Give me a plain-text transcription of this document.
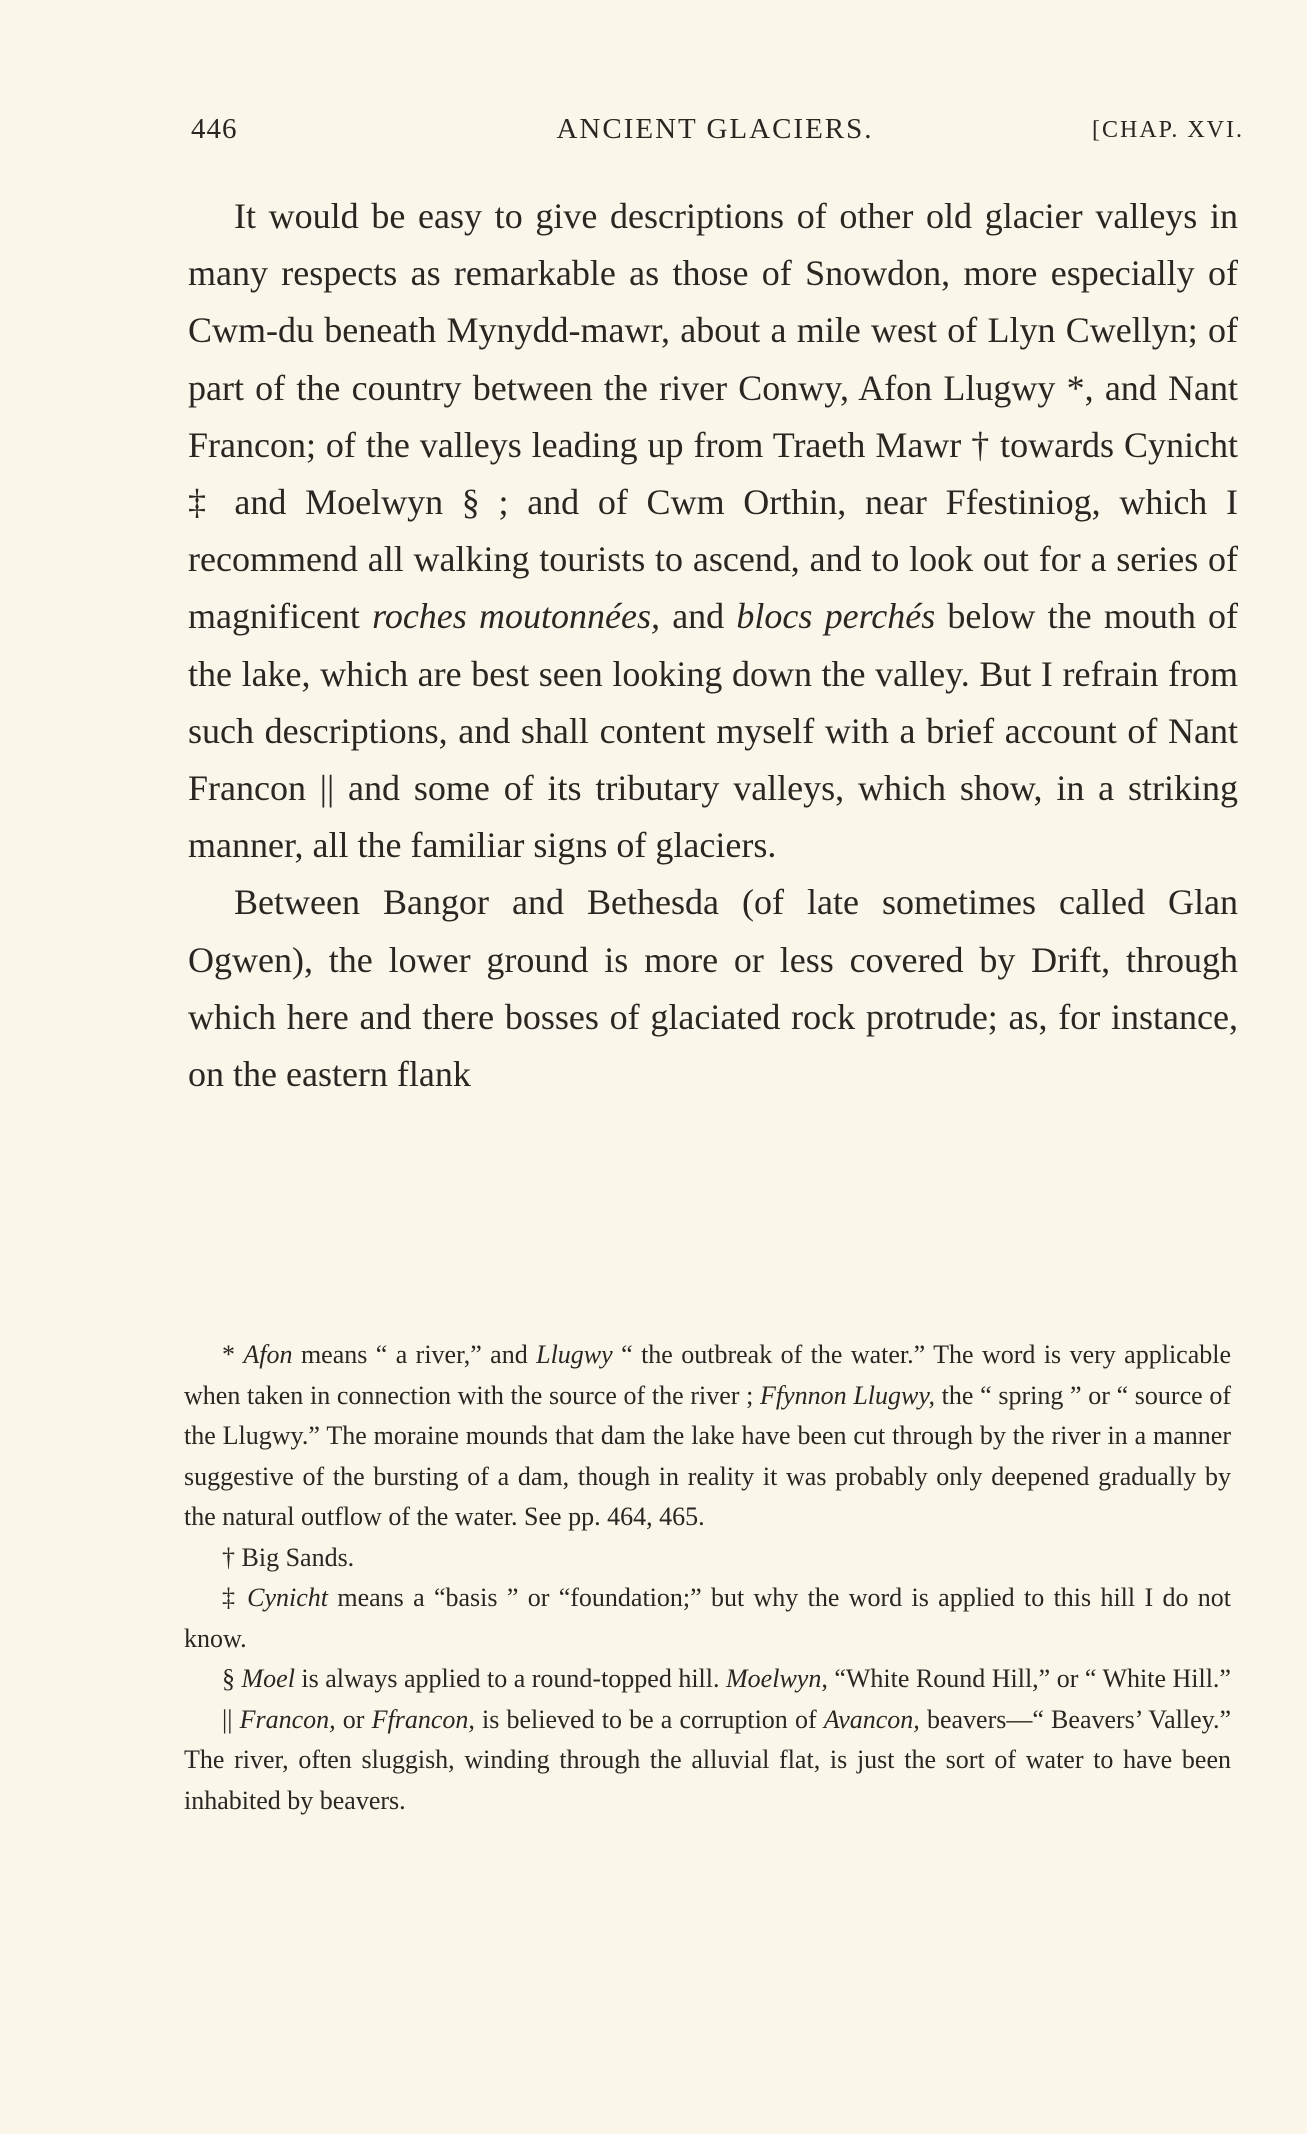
446	ANCIENT GLACIERS.	[CHAP. XVI.

It would be easy to give descriptions of other old glacier valleys in many respects as remarkable as those of Snowdon, more especially of Cwm-du beneath Mynydd-mawr, about a mile west of Llyn Cwellyn; of part of the country between the river Conwy, Afon Llugwy *, and Nant Francon; of the valleys leading up from Traeth Mawr † towards Cynicht ‡ and Moelwyn § ; and of Cwm Orthin, near Ffestiniog, which I recommend all walking tourists to ascend, and to look out for a series of magnificent roches moutonnées, and blocs perchés below the mouth of the lake, which are best seen looking down the valley. But I refrain from such descriptions, and shall content myself with a brief account of Nant Francon || and some of its tributary valleys, which show, in a striking manner, all the familiar signs of glaciers.

Between Bangor and Bethesda (of late sometimes called Glan Ogwen), the lower ground is more or less covered by Drift, through which here and there bosses of glaciated rock protrude; as, for instance, on the eastern flank

* Afon means “ a river,” and Llugwy “ the outbreak of the water.” The word is very applicable when taken in connection with the source of the river ; Ffynnon Llugwy, the “ spring ” or “ source of the Llugwy.” The moraine mounds that dam the lake have been cut through by the river in a manner suggestive of the bursting of a dam, though in reality it was probably only deepened gradually by the natural outflow of the water. See pp. 464, 465.

† Big Sands.

‡ Cynicht means a “basis ” or “foundation;” but why the word is applied to this hill I do not know.

§ Moel is always applied to a round-topped hill. Moelwyn, “White Round Hill,” or “ White Hill.”

|| Francon, or Ffrancon, is believed to be a corruption of Avancon, beavers—“ Beavers’ Valley.” The river, often sluggish, winding through the alluvial flat, is just the sort of water to have been inhabited by beavers.
